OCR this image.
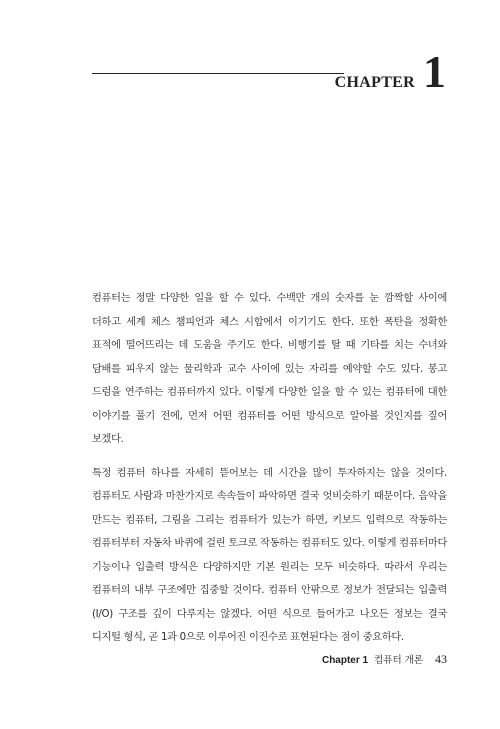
CHAPTER 1

컴퓨터는 정말 다양한 일을 할 수 있다. 수백만 개의 숫자를 눈 깜짝할 사이에 더하고 세계 체스 챔피언과 체스 시합에서 이기기도 한다. 또한 폭탄을 정확한 표적에 떨어뜨리는 데 도움을 주기도 한다. 비행기를 탈 때 기타를 치는 수녀와 담배를 피우지 않는 물리학과 교수 사이에 있는 자리를 예약할 수도 있다. 봉고 드럼을 연주하는 컴퓨터까지 있다. 이렇게 다양한 일을 할 수 있는 컴퓨터에 대한 이야기를 풀기 전에, 먼저 어떤 컴퓨터를 어떤 방식으로 알아볼 것인지를 짚어 보겠다.

특정 컴퓨터 하나를 자세히 뜯어보는 데 시간을 많이 투자하지는 않을 것이다. 컴퓨터도 사람과 마찬가지로 속속들이 파악하면 결국 엇비슷하기 때문이다. 음악을 만드는 컴퓨터, 그림을 그리는 컴퓨터가 있는가 하면, 키보드 입력으로 작동하는 컴퓨터부터 자동차 바퀴에 걸린 토크로 작동하는 컴퓨터도 있다. 이렇게 컴퓨터마다 기능이나 입출력 방식은 다양하지만 기본 원리는 모두 비슷하다. 따라서 우리는 컴퓨터의 내부 구조에만 집중할 것이다. 컴퓨터 안팎으로 정보가 전달되는 입출력(I/O) 구조를 깊이 다루지는 않겠다. 어떤 식으로 들어가고 나오든 정보는 결국 디지털 형식, 곧 1과 0으로 이루어진 이진수로 표현된다는 점이 중요하다.

Chapter 1 컴퓨터 개론 43
